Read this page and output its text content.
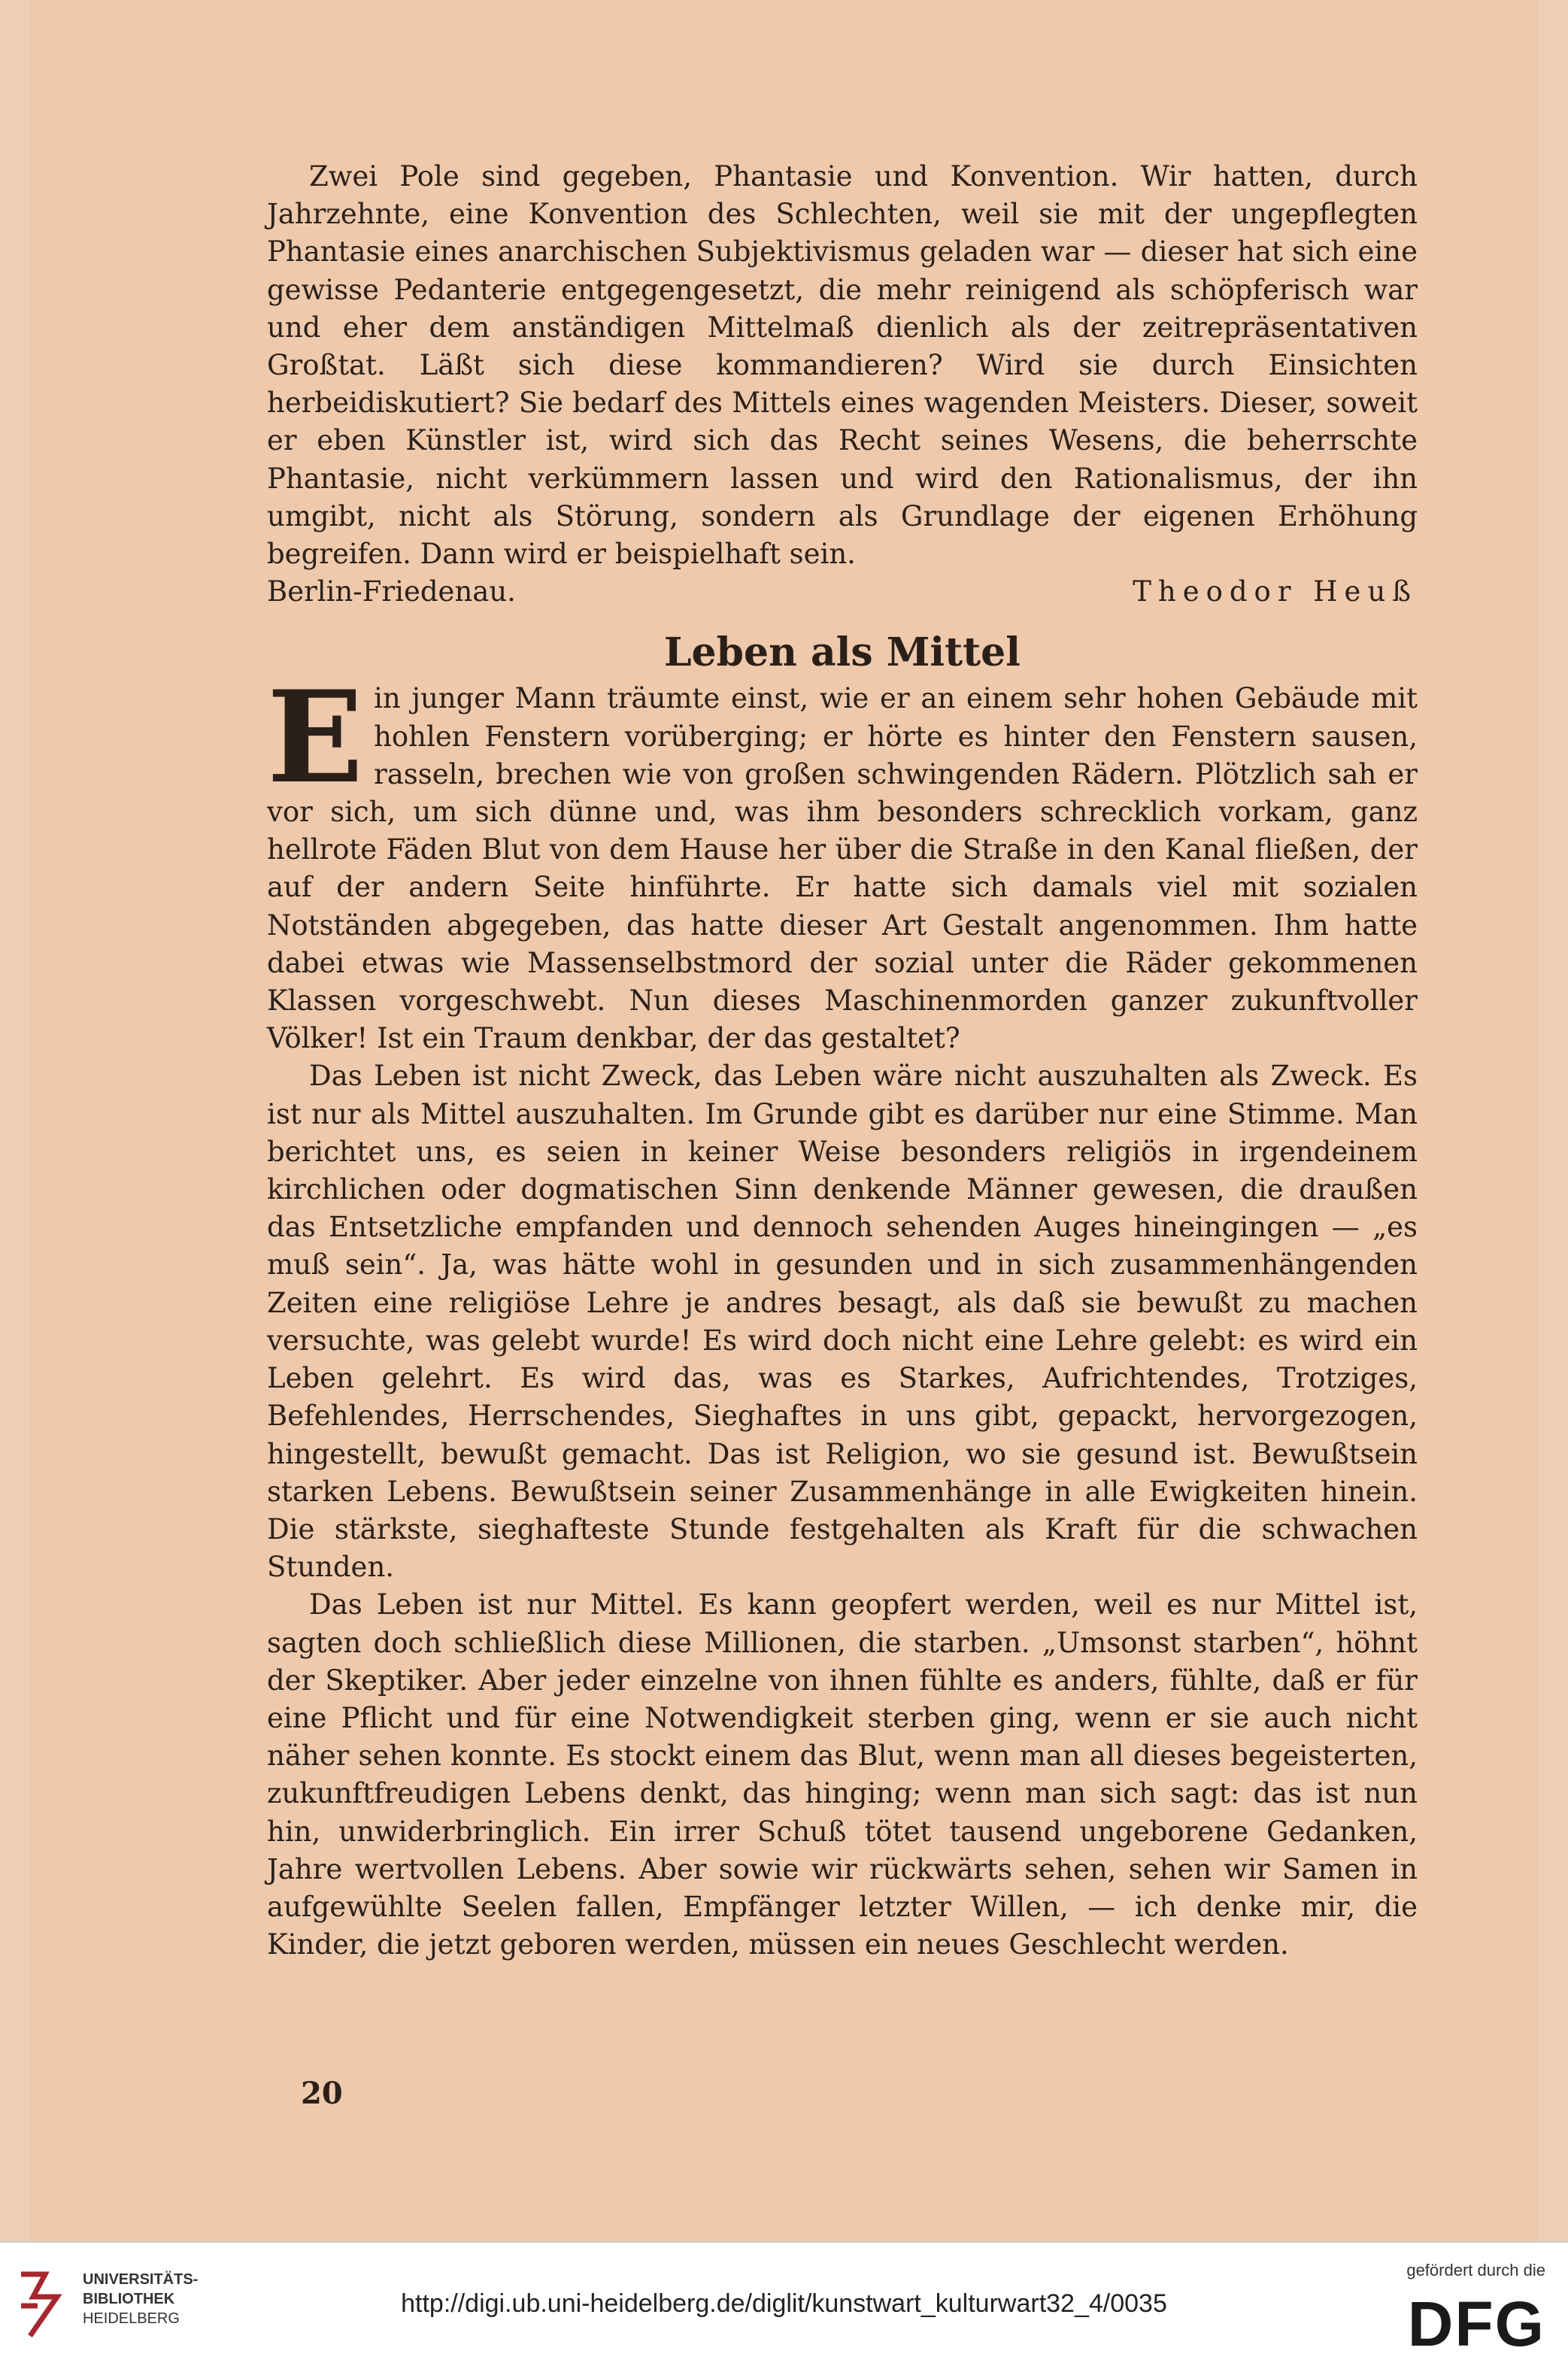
Zwei Pole sind gegeben, Phantasie und Konvention. Wir hatten, durch Jahrzehnte, eine Konvention des Schlechten, weil sie mit der ungepflegten Phantasie eines anarchischen Subjektivismus geladen war — dieser hat sich eine gewisse Pedanterie entgegengesetzt, die mehr reinigend als schöpferisch war und eher dem anständigen Mittelmaß dienlich als der zeitrepräsentativen Großtat. Läßt sich diese kommandieren? Wird sie durch Einsichten herbeidiskutiert? Sie bedarf des Mittels eines wagenden Meisters. Dieser, soweit er eben Künstler ist, wird sich das Recht seines Wesens, die beherrschte Phantasie, nicht verkümmern lassen und wird den Rationalismus, der ihn umgibt, nicht als Störung, sondern als Grundlage der eigenen Erhöhung begreifen. Dann wird er beispielhaft sein.

Berlin-Friedenau.	Theodor Heuß
Leben als Mittel

E in junger Mann träumte einst, wie er an einem sehr hohen Gebäude mit hohlen Fenstern vorüberging; er hörte es hinter den Fenstern sausen, rasseln, brechen wie von großen schwingenden Rädern. Plötzlich sah er vor sich, um sich dünne und, was ihm besonders schrecklich vorkam, ganz hellrote Fäden Blut von dem Hause her über die Straße in den Kanal fließen, der auf der andern Seite hinführte. Er hatte sich damals viel mit sozialen Notständen abgegeben, das hatte dieser Art Gestalt angenommen. Ihm hatte dabei etwas wie Massenselbstmord der sozial unter die Räder gekommenen Klassen vorgeschwebt. Nun dieses Maschinenmorden ganzer zukunftvoller Völker! Ist ein Traum denkbar, der das gestaltet?

Das Leben ist nicht Zweck, das Leben wäre nicht auszuhalten als Zweck. Es ist nur als Mittel auszuhalten. Im Grunde gibt es darüber nur eine Stimme. Man berichtet uns, es seien in keiner Weise besonders religiös in irgendeinem kirchlichen oder dogmatischen Sinn denkende Männer gewesen, die draußen das Entsetzliche empfanden und dennoch sehenden Auges hineingingen — „es muß sein“. Ja, was hätte wohl in gesunden und in sich zusammenhängenden Zeiten eine religiöse Lehre je andres besagt, als daß sie bewußt zu machen versuchte, was gelebt wurde! Es wird doch nicht eine Lehre gelebt: es wird ein Leben gelehrt. Es wird das, was es Starkes, Aufrichtendes, Trotziges, Befehlendes, Herrschendes, Sieghaftes in uns gibt, gepackt, hervorgezogen, hingestellt, bewußt gemacht. Das ist Religion, wo sie gesund ist. Bewußtsein starken Lebens. Bewußtsein seiner Zusammenhänge in alle Ewigkeiten hinein. Die stärkste, sieghafteste Stunde festgehalten als Kraft für die schwachen Stunden.

Das Leben ist nur Mittel. Es kann geopfert werden, weil es nur Mittel ist, sagten doch schließlich diese Millionen, die starben. „Umsonst starben“, höhnt der Skeptiker. Aber jeder einzelne von ihnen fühlte es anders, fühlte, daß er für eine Pflicht und für eine Notwendigkeit sterben ging, wenn er sie auch nicht näher sehen konnte. Es stockt einem das Blut, wenn man all dieses begeisterten, zukunftfreudigen Lebens denkt, das hinging; wenn man sich sagt: das ist nun hin, unwiderbringlich. Ein irrer Schuß tötet tausend ungeborene Gedanken, Jahre wertvollen Lebens. Aber sowie wir rückwärts sehen, sehen wir Samen in aufgewühlte Seelen fallen, Empfänger letzter Willen, — ich denke mir, die Kinder, die jetzt geboren werden, müssen ein neues Geschlecht werden.

20
UNIVERSITÄTS-
BIBLIOTHEK
HEIDELBERG
http://digi.ub.uni-heidelberg.de/diglit/kunstwart_kulturwart32_4/0035
gefördert durch die
DFG
